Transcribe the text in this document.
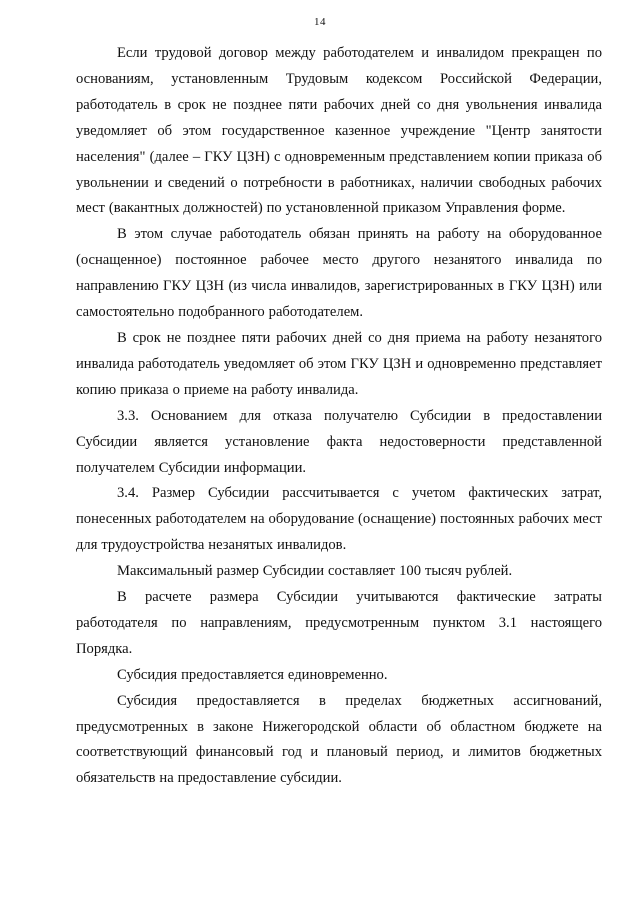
14

Если трудовой договор между работодателем и инвалидом прекращен по основаниям, установленным Трудовым кодексом Российской Федерации, работодатель в срок не позднее пяти рабочих дней со дня увольнения инвалида уведомляет об этом государственное казенное учреждение "Центр занятости населения" (далее – ГКУ ЦЗН) с одновременным представлением копии приказа об увольнении и сведений о потребности в работниках, наличии свободных рабочих мест (вакантных должностей) по установленной приказом Управления форме.

В этом случае работодатель обязан принять на работу на оборудованное (оснащенное) постоянное рабочее место другого незанятого инвалида по направлению ГКУ ЦЗН (из числа инвалидов, зарегистрированных в ГКУ ЦЗН) или самостоятельно подобранного работодателем.

В срок не позднее пяти рабочих дней со дня приема на работу незанятого инвалида работодатель уведомляет об этом ГКУ ЦЗН и одновременно представляет копию приказа о приеме на работу инвалида.

3.3. Основанием для отказа получателю Субсидии в предоставлении Субсидии является установление факта недостоверности представленной получателем Субсидии информации.

3.4. Размер Субсидии рассчитывается с учетом фактических затрат, понесенных работодателем на оборудование (оснащение) постоянных рабочих мест для трудоустройства незанятых инвалидов.

Максимальный размер Субсидии составляет 100 тысяч рублей.

В расчете размера Субсидии учитываются фактические затраты работодателя по направлениям, предусмотренным пунктом 3.1 настоящего Порядка.

Субсидия предоставляется единовременно.

Субсидия предоставляется в пределах бюджетных ассигнований, предусмотренных в законе Нижегородской области об областном бюджете на соответствующий финансовый год и плановый период, и лимитов бюджетных обязательств на предоставление субсидии.
